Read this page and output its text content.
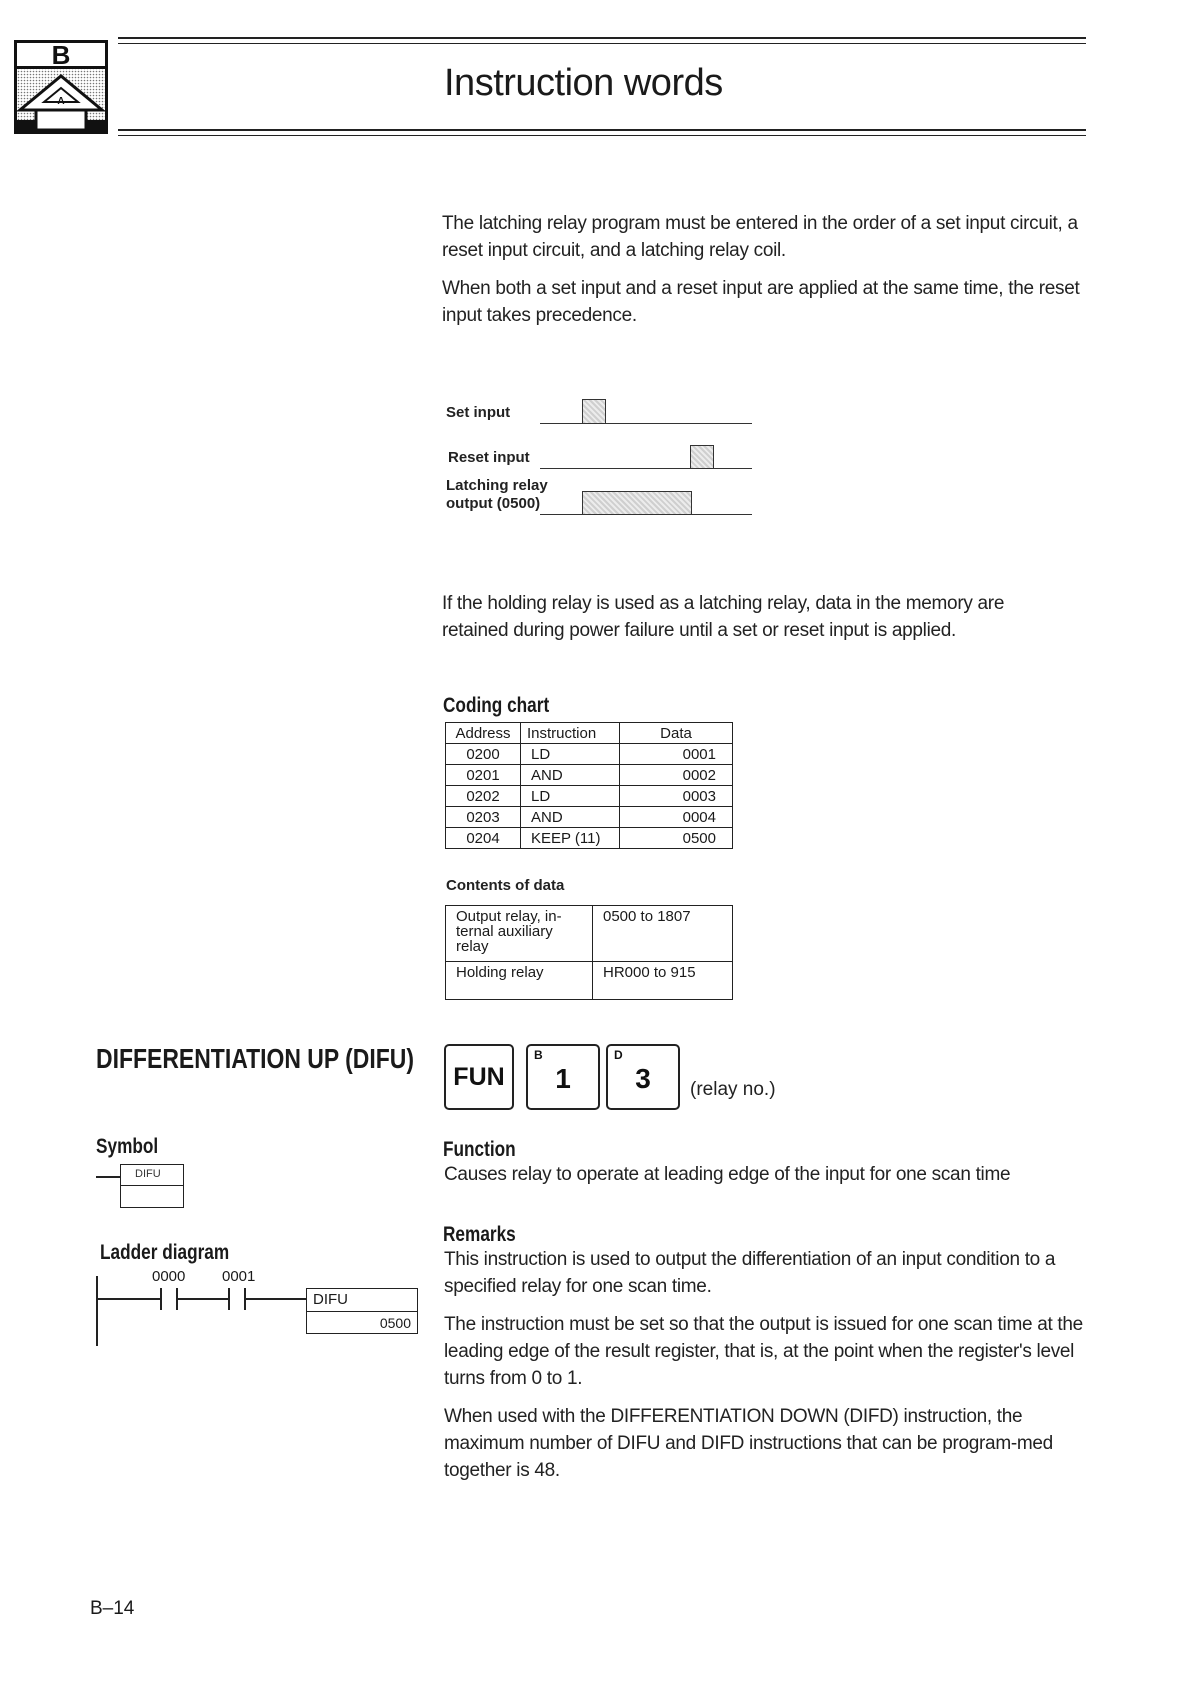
B
A	Instruction words
The latching relay program must be entered in the order of a set input circuit, a reset input circuit, and a latching relay coil.
When both a set input and a reset input are applied at the same time, the reset input takes precedence.
Set input
Reset input
Latching relay
output (0500)
If the holding relay is used as a latching relay, data in the memory are retained during power failure until a set or reset input is applied.
Coding chart
Address	Instruction	Data
0200	LD	0001
0201	AND	0002
0202	LD	0003
0203	AND	0004
0204	KEEP (11)	0500
Contents of data
Output relay, in-
ternal auxiliary
relay	0500 to 1807
Holding relay	HR000 to 915
DIFFERENTIATION UP (DIFU)
FUN
B
1
D
3	(relay no.)
Symbol
DIFU
Ladder diagram
0000 0001
DIFU
0500
Function
Causes relay to operate at leading edge of the input for one scan time
Remarks
This instruction is used to output the differentiation of an input condition to a specified relay for one scan time.
The instruction must be set so that the output is issued for one scan time at the leading edge of the result register, that is, at the point when the register's level turns from 0 to 1.
When used with the DIFFERENTIATION DOWN (DIFD) instruction, the maximum number of DIFU and DIFD instructions that can be program-med together is 48.
B–14
